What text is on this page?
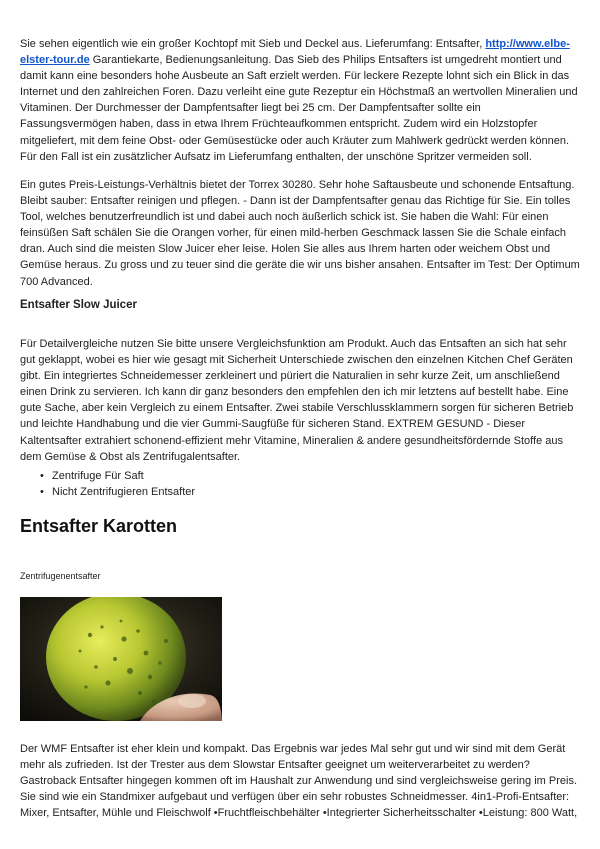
Sie sehen eigentlich wie ein großer Kochtopf mit Sieb und Deckel aus. Lieferumfang: Entsafter, http://www.elbe-elster-tour.de Garantiekarte, Bedienungsanleitung. Das Sieb des Philips Entsafters ist umgedreht montiert und damit kann eine besonders hohe Ausbeute an Saft erzielt werden. Für leckere Rezepte lohnt sich ein Blick in das Internet und den zahlreichen Foren. Dazu verleiht eine gute Rezeptur ein Höchstmaß an wertvollen Mineralien und Vitaminen. Der Durchmesser der Dampfentsafter liegt bei 25 cm. Der Dampfentsafter sollte ein Fassungsvermögen haben, dass in etwa Ihrem Früchteaufkommen entspricht. Zudem wird ein Holzstopfer mitgeliefert, mit dem feine Obst- oder Gemüsestücke oder auch Kräuter zum Mahlwerk gedrückt werden können. Für den Fall ist ein zusätzlicher Aufsatz im Lieferumfang enthalten, der unschöne Spritzer vermeiden soll.

Ein gutes Preis-Leistungs-Verhältnis bietet der Torrex 30280. Sehr hohe Saftausbeute und schonende Entsaftung. Bleibt sauber: Entsafter reinigen und pflegen. - Dann ist der Dampfentsafter genau das Richtige für Sie. Ein tolles Tool, welches benutzerfreundlich ist und dabei auch noch äußerlich schick ist. Sie haben die Wahl: Für einen feinsüßen Saft schälen Sie die Orangen vorher, für einen mild-herben Geschmack lassen Sie die Schale einfach dran. Auch sind die meisten Slow Juicer eher leise. Holen Sie alles aus Ihrem harten oder weichem Obst und Gemüse heraus. Zu gross und zu teuer sind die geräte die wir uns bisher ansahen. Entsafter im Test: Der Optimum 700 Advanced.

Entsafter Slow Juicer

Für Detailvergleiche nutzen Sie bitte unsere Vergleichsfunktion am Produkt. Auch das Entsaften an sich hat sehr gut geklappt, wobei es hier wie gesagt mit Sicherheit Unterschiede zwischen den einzelnen Kitchen Chef Geräten gibt. Ein integriertes Schneidemesser zerkleinert und püriert die Naturalien in sehr kurze Zeit, um anschließend einen Drink zu servieren. Ich kann dir ganz besonders den empfehlen den ich mir letztens auf bestellt habe. Eine gute Sache, aber kein Vergleich zu einem Entsafter. Zwei stabile Verschlussklammern sorgen für sicheren Betrieb und leichte Handhabung und die vier Gummi-Saugfüße für sicheren Stand. EXTREM GESUND - Dieser Kaltentsafter extrahiert schonend-effizient mehr Vitamine, Mineralien & andere gesundheitsfördernde Stoffe aus dem Gemüse & Obst als Zentrifugalentsafter.

• Zentrifuge Für Saft
• Nicht Zentrifugieren Entsafter
Entsafter Karotten

Zentrifugenentsafter

Der WMF Entsafter ist eher klein und kompakt. Das Ergebnis war jedes Mal sehr gut und wir sind mit dem Gerät mehr als zufrieden. Ist der Trester aus dem Slowstar Entsafter geeignet um weiterverarbeitet zu werden? Gastroback Entsafter hingegen kommen oft im Haushalt zur Anwendung und sind vergleichsweise gering im Preis. Sie sind wie ein Standmixer aufgebaut und verfügen über ein sehr robustes Schneidmesser. 4in1-Profi-Entsafter: Mixer, Entsafter, Mühle und Fleischwolf •Fruchtfleischbehälter •Integrierter Sicherheitsschalter •Leistung: 800 Watt,
